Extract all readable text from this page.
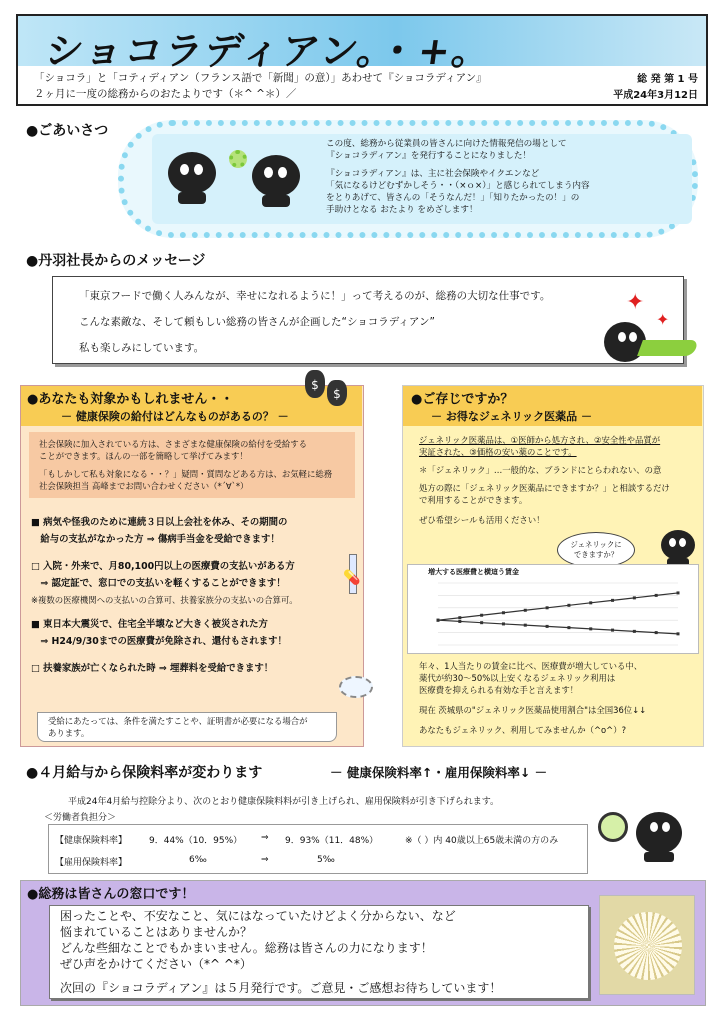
ショコラディアン。・+。
「ショコラ」と「コティディアン（フランス語で「新聞」の意）」あわせて『ショコラディアン』
２ヶ月に一度の総務からのおたよりです（＊^ ^＊）／
総 発 第 1 号
平成24年3月12日
●ごあいさつ

この度、総務から従業員の皆さんに向けた情報発信の場として

『ショコラディアン』を発行することになりました！

『ショコラディアン』は、主に社会保険やイクエンなど

「気になるけどむずかしそう・・（×ｏ×）」と感じられてしまう内容

をとりあげて、皆さんの「そうなんだ！」「知りたかったの！」の

手助けとなる おたより をめざします！

●丹羽社長からのメッセージ

「東京フードで働く人みんなが、幸せになれるように！」って考えるのが、総務の大切な仕事です。

こんな素敵な、そして頼もしい総務の皆さんが企画した“ショコラディアン”

私も楽しみにしています。

✦
✦
●あなたも対象かもしれません・・
－ 健康保険の給付はどんなものがあるの？ －
$
$

社会保険に加入されている方は、さまざまな健康保険の給付を受給する

ことができます。ほんの一部を簡略して挙げてみます！

「もしかして私も対象になる・・？」疑問・質問などある方は、お気軽に総務

社会保険担当 高峰までお問い合わせください（*´∀`*）

■ 病気や怪我のために連続３日以上会社を休み、その期間の

　給与の支払がなかった方 ⇒ 傷病手当金を受給できます！

□ 入院・外来で、月80,100円以上の医療費の支払いがある方

　⇒ 認定証で、窓口での支払いを軽くすることができます！

※複数の医療機関への支払いの合算可、扶養家族分の支払いの合算可。

■ 東日本大震災で、住宅全半壊など大きく被災された方

　⇒ H24/9/30までの医療費が免除され、還付もされます！

□ 扶養家族が亡くなられた時 ⇒ 埋葬料を受給できます！

💊

受給にあたっては、条件を満たすことや、証明書が必要になる場合が

あります。

●ご存じですか？
－ お得なジェネリック医薬品 －

ジェネリック医薬品は、①医師から処方され、②安全性や品質が

実証された、③価格の安い薬のことです。

＊「ジェネリック」…一般的な、ブランドにとらわれない、の意

処方の際に「ジェネリック医薬品にできますか？」と相談するだけ

で利用することができます。

ぜひ希望シールも活用ください！

ジェネリックに

できますか？

増大する医療費と横這う賃金

年々、1人当たりの賃金に比べ、医療費が増大している中、

薬代が約30～50%以上安くなるジェネリック利用は

医療費を抑えられる有効な手と言えます！

現在 茨城県の"ジェネリック医薬品使用割合"は全国36位↓↓

あなたもジェネリック、利用してみませんか（^o^）?

●４月給与から保険料率が変わります	－ 健康保険料率↑・雇用保険料率↓ －
平成24年4月給与控除分より、次のとおり健康保険料料が引き上げられ、雇用保険料が引き下げられます。
＜労働者負担分＞
【健康保険料率】 9．44%（10．95%） ⇒ 9．93%（11．48%）	※（ ）内 40歳以上65歳未満の方のみ
【雇用保険料率】	6‰	⇒	5‰
●総務は皆さんの窓口です！

困ったことや、不安なこと、気にはなっていたけどよく分からない、など

悩まれていることはありませんか？

どんな些細なことでもかまいません。総務は皆さんの力になります！

ぜひ声をかけてください（*^ ^*）

次回の『ショコラディアン』は５月発行です。ご意見・ご感想お待ちしています！
